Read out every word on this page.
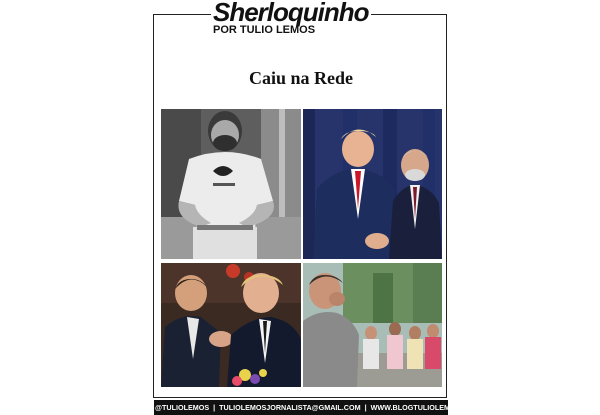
Caiu na Rede
@TULIOLEMOS | TULIOLEMOSJORNALISTA@GMAIL.COM | WWW.BLOGTULIOLEMOS.COM.BR
Sherloquinho
POR TULIO LEMOS
